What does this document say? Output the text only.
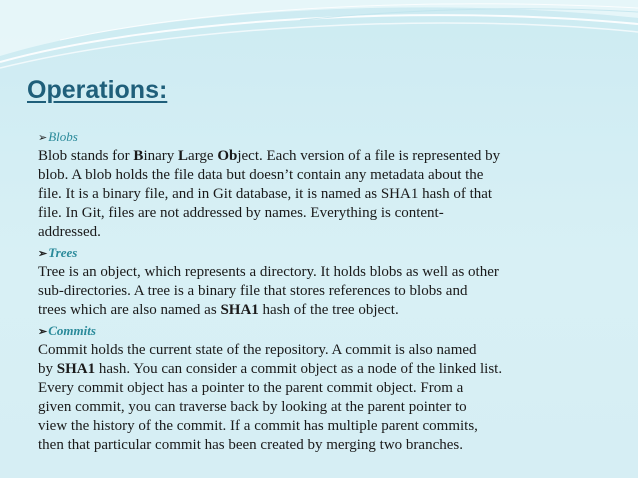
Operations:
➢Blobs
Blob stands for Binary Large Object. Each version of a file is represented by
blob. A blob holds the file data but doesn’t contain any metadata about the
file. It is a binary file, and in Git database, it is named as SHA1 hash of that
file. In Git, files are not addressed by names. Everything is content-
addressed.
➢Trees
Tree is an object, which represents a directory. It holds blobs as well as other
sub-directories. A tree is a binary file that stores references to blobs and
trees which are also named as SHA1 hash of the tree object.
➢Commits
Commit holds the current state of the repository. A commit is also named
by SHA1 hash. You can consider a commit object as a node of the linked list.
Every commit object has a pointer to the parent commit object. From a
given commit, you can traverse back by looking at the parent pointer to
view the history of the commit. If a commit has multiple parent commits,
then that particular commit has been created by merging two branches.
